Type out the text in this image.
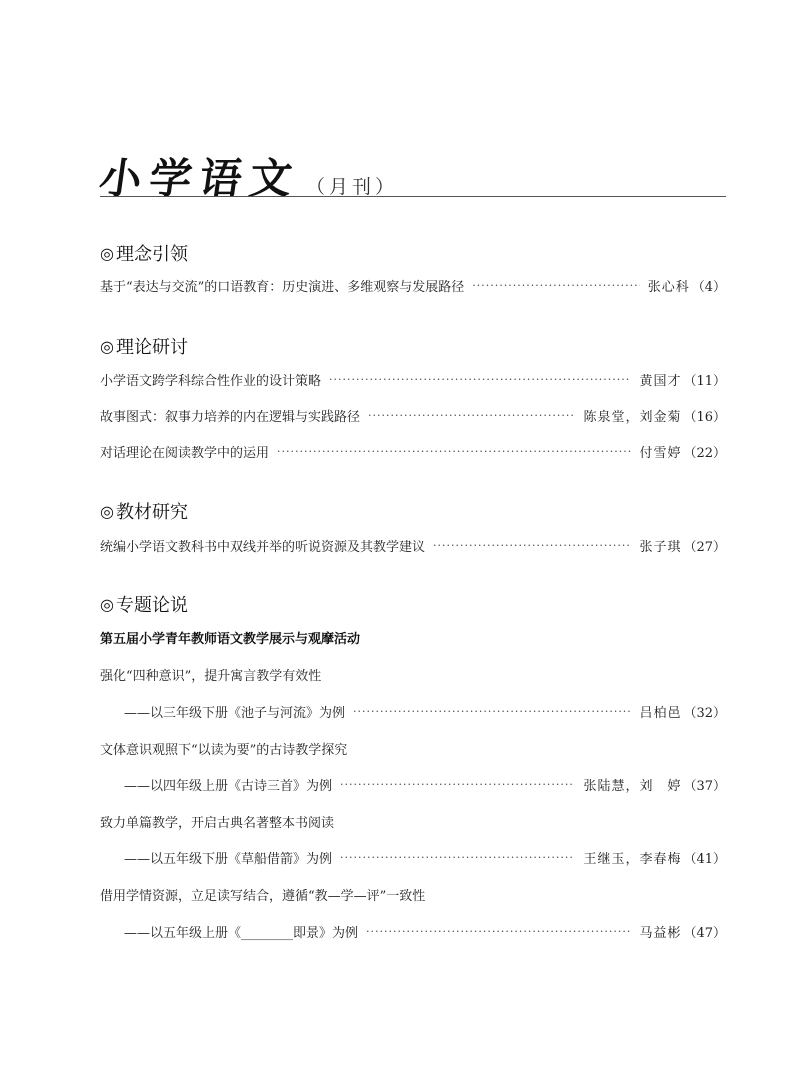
小学语文 （月刊）
◎ 理念引领
基于“表达与交流”的口语教育：历史演进、多维观察与发展路径 ·····	张心科 （4）
◎ 理论研讨
小学语文跨学科综合性作业的设计策略 ·····	黄国才 （11）
故事图式：叙事力培养的内在逻辑与实践路径 ·····	陈泉堂，刘金菊 （16）
对话理论在阅读教学中的运用 ·····	付雪婷 （22）
◎ 教材研究
统编小学语文教科书中双线并举的听说资源及其教学建议 ·····	张子琪 （27）
◎ 专题论说
第五届小学青年教师语文教学展示与观摩活动
强化“四种意识”，提升寓言教学有效性
——以三年级下册《池子与河流》为例 ·····	吕柏邑 （32）
文体意识观照下“以读为要”的古诗教学探究
——以四年级上册《古诗三首》为例 ·····	张陆慧，刘　婷 （37）
致力单篇教学，开启古典名著整本书阅读
——以五年级下册《草船借箭》为例 ·····	王继玉，李春梅 （41）
借用学情资源，立足读写结合，遵循“教—学—评”一致性
——以五年级上册《________即景》为例 ·····	马益彬 （47）
